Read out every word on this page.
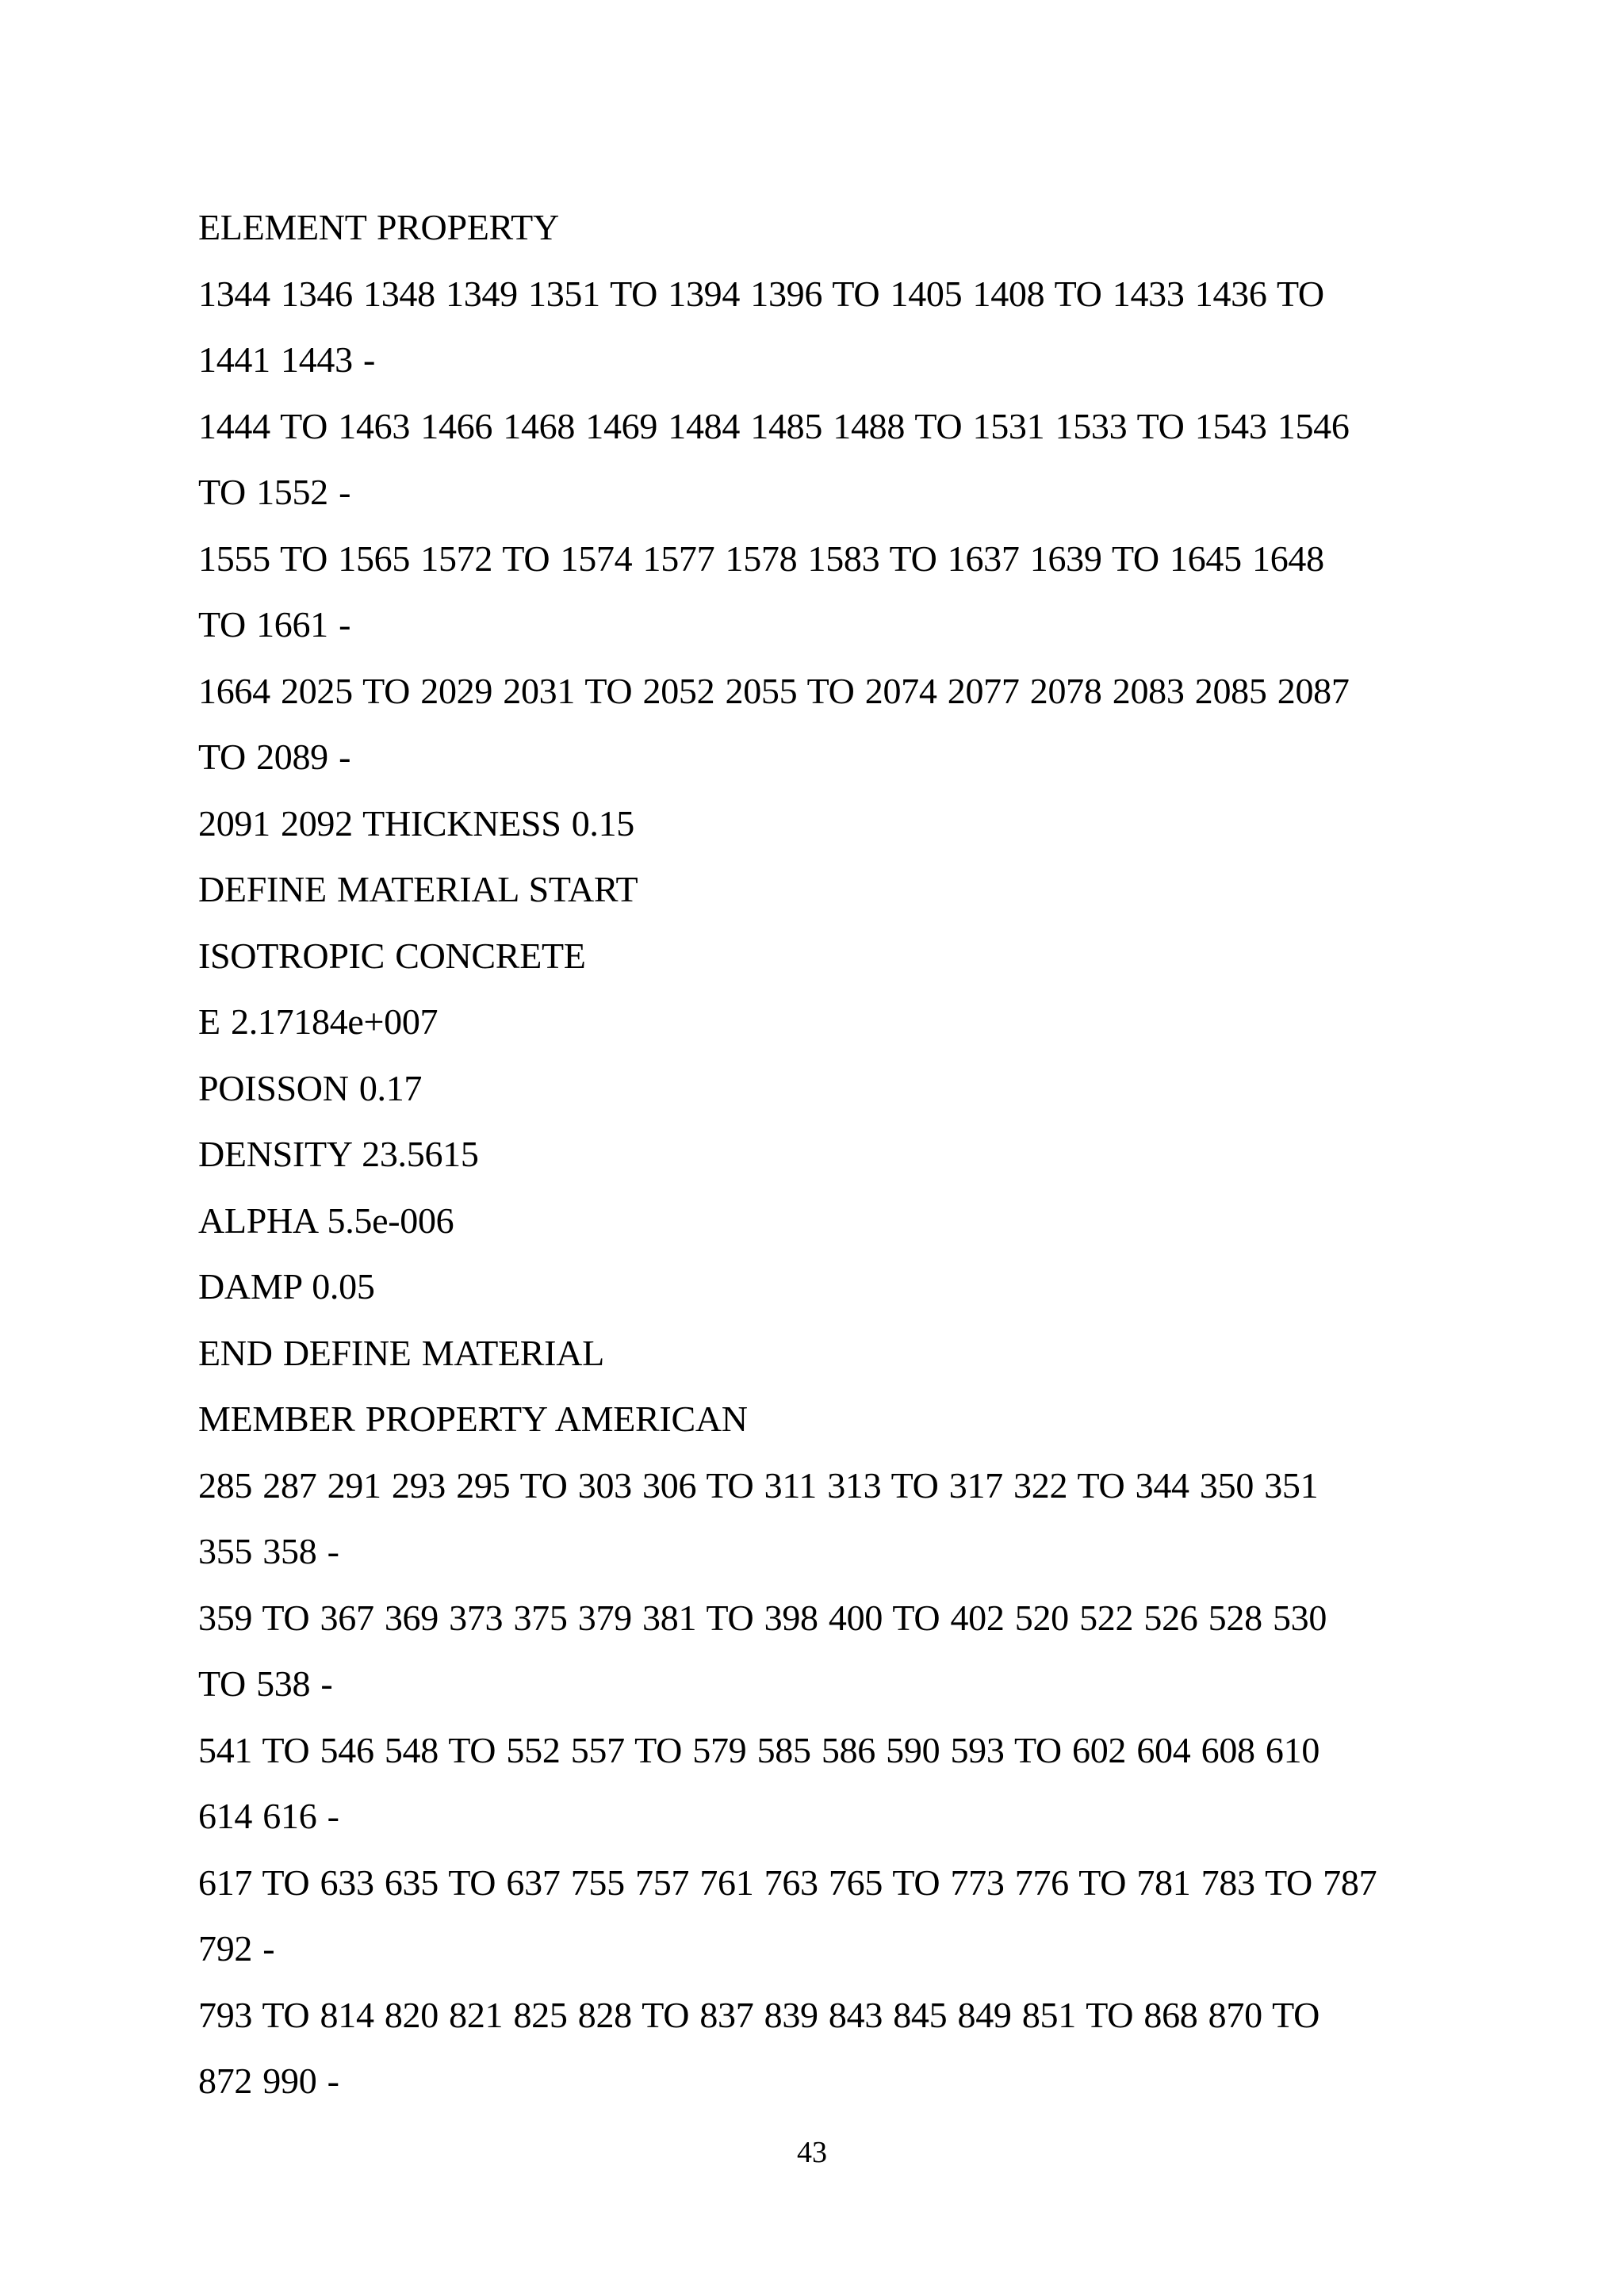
ELEMENT PROPERTY
1344 1346 1348 1349 1351 TO 1394 1396 TO 1405 1408 TO 1433 1436 TO
1441 1443 -
1444 TO 1463 1466 1468 1469 1484 1485 1488 TO 1531 1533 TO 1543 1546
TO 1552 -
1555 TO 1565 1572 TO 1574 1577 1578 1583 TO 1637 1639 TO 1645 1648
TO 1661 -
1664 2025 TO 2029 2031 TO 2052 2055 TO 2074 2077 2078 2083 2085 2087
TO 2089 -
2091 2092 THICKNESS 0.15
DEFINE MATERIAL START
ISOTROPIC CONCRETE
E 2.17184e+007
POISSON 0.17
DENSITY 23.5615
ALPHA 5.5e-006
DAMP 0.05
END DEFINE MATERIAL
MEMBER PROPERTY AMERICAN
285 287 291 293 295 TO 303 306 TO 311 313 TO 317 322 TO 344 350 351
355 358 -
359 TO 367 369 373 375 379 381 TO 398 400 TO 402 520 522 526 528 530
TO 538 -
541 TO 546 548 TO 552 557 TO 579 585 586 590 593 TO 602 604 608 610
614 616 -
617 TO 633 635 TO 637 755 757 761 763 765 TO 773 776 TO 781 783 TO 787
792 -
793 TO 814 820 821 825 828 TO 837 839 843 845 849 851 TO 868 870 TO
872 990 -
43
